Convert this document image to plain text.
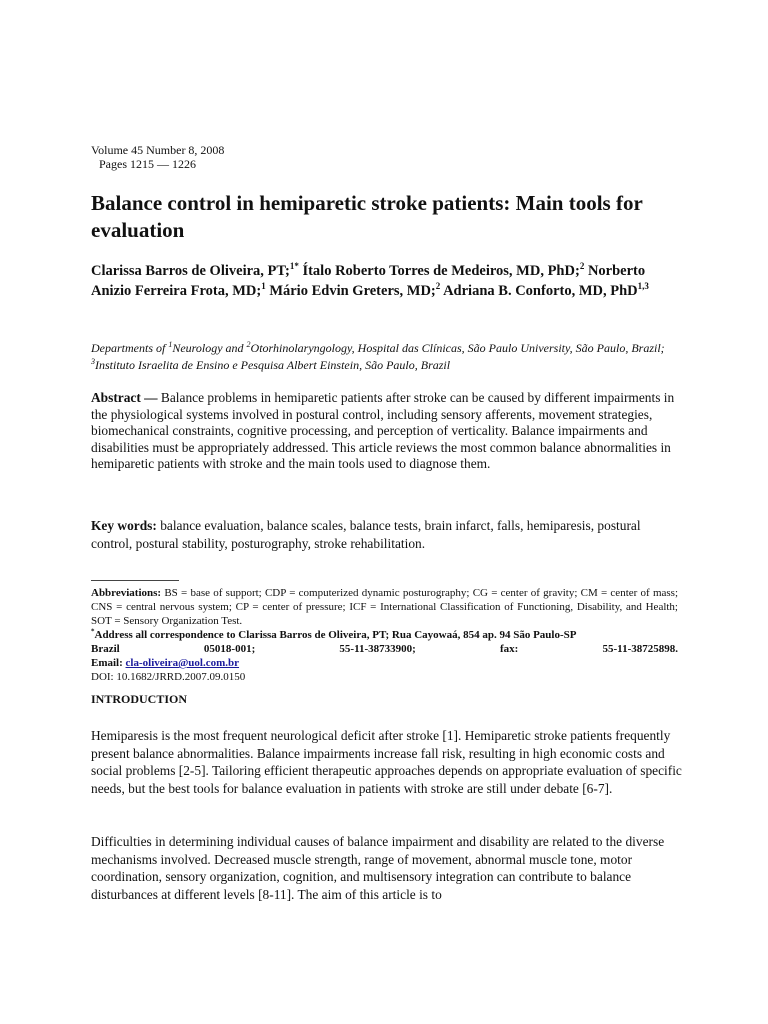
Volume 45 Number 8, 2008
Pages 1215 — 1226
Balance control in hemiparetic stroke patients: Main tools for evaluation

Clarissa Barros de Oliveira, PT;$^{1*}$ Ítalo Roberto Torres de Medeiros, MD, PhD;$^2$ Norberto Anizio Ferreira Frota, MD;$^1$ Mário Edvin Greters, MD;$^2$ Adriana B. Conforto, MD, PhD$^{1,3}$

Departments of $^1$Neurology and $^2$Otorhinolaryngology, Hospital das Clínicas, São Paulo University, São Paulo, Brazil; $^3$Instituto Israelita de Ensino e Pesquisa Albert Einstein, São Paulo, Brazil

Abstract — Balance problems in hemiparetic patients after stroke can be caused by different impairments in the physiological systems involved in postural control, including sensory afferents, movement strategies, biomechanical constraints, cognitive processing, and perception of verticality. Balance impairments and disabilities must be appropriately addressed. This article reviews the most common balance abnormalities in hemiparetic patients with stroke and the main tools used to diagnose them.

Key words: balance evaluation, balance scales, balance tests, brain infarct, falls, hemiparesis, postural control, postural stability, posturography, stroke rehabilitation.

Abbreviations: BS = base of support; CDP = computerized dynamic posturography; CG = center of gravity; CM = center of mass; CNS = central nervous system; CP = center of pressure; ICF = International Classification of Functioning, Disability, and Health; SOT = Sensory Organization Test.

*Address all correspondence to Clarissa Barros de Oliveira, PT; Rua Cayowaá, 854 ap. 94 São Paulo-SP

Brazil	05018-001;	55-11-38733900;	fax:	55-11-38725898.

Email: cla-oliveira@uol.com.br

DOI: 10.1682/JRRD.2007.09.0150

INTRODUCTION

Hemiparesis is the most frequent neurological deficit after stroke [1]. Hemiparetic stroke patients frequently present balance abnormalities. Balance impairments increase fall risk, resulting in high economic costs and social problems [2-5]. Tailoring efficient therapeutic approaches depends on appropriate evaluation of specific needs, but the best tools for balance evaluation in patients with stroke are still under debate [6-7].

Difficulties in determining individual causes of balance impairment and disability are related to the diverse mechanisms involved. Decreased muscle strength, range of movement, abnormal muscle tone, motor coordination, sensory organization, cognition, and multisensory integration can contribute to balance disturbances at different levels [8-11]. The aim of this article is to
